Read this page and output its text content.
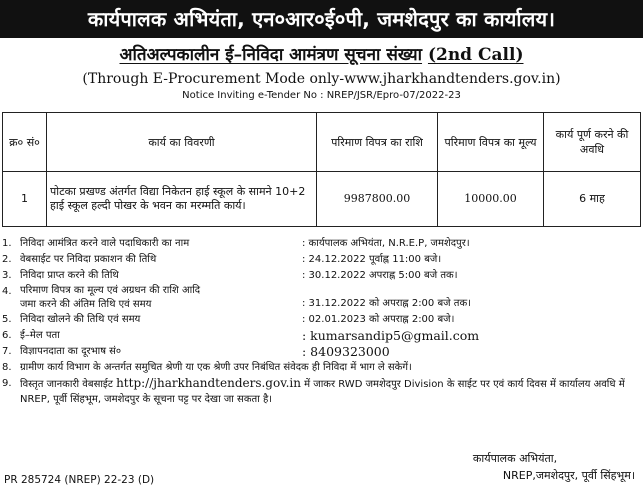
कार्यपालक अभियंता, एन०आर०ई०पी, जमशेदपुर का कार्यालय।
अतिअल्पकालीन ई–निविदा आमंत्रण सूचना संख्या (2nd Call)
(Through E-Procurement Mode only-www.jharkhandtenders.gov.in)
Notice Inviting e-Tender No : NREP/JSR/Epro-07/2022-23
क्र० सं०	कार्य का विवरणी	परिमाण विपत्र का राशि	परिमाण विपत्र का मूल्य	कार्य पूर्ण करने की अवधि
1	पोटका प्रखण्ड अंतर्गत विद्या निकेतन हाई स्कूल के सामने 10+2 हाई स्कूल हल्दी पोखर के भवन का मरम्मति कार्य।	9987800.00	10000.00	6 माह
1. निविदा आमंत्रित करने वाले पदाधिकारी का नाम	: कार्यपालक अभियंता, N.R.E.P, जमशेदपुर।
2. वेबसाईट पर निविदा प्रकाशन की तिथि	: 24.12.2022 पूर्वाह्न 11:00 बजे।
3. निविदा प्राप्त करने की तिथि	: 30.12.2022 अपराह्न 5:00 बजे तक।
4. परिमाण विपत्र का मूल्य एवं अग्रधन की राशि आदि
जमा करने की अंतिम तिथि एवं समय	: 31.12.2022 को अपराह्न 2:00 बजे तक।
5. निविदा खोलने की तिथि एवं समय	: 02.01.2023 को अपराह्न 2:00 बजे।
6. ई–मेल पता	: kumarsandip5@gmail.com
7. विज्ञापनदाता का दूरभाष सं०	: 8409323000
8. ग्रामीण कार्य विभाग के अन्तर्गत समुचित श्रेणी या एक श्रेणी उपर निबंधित संवेदक ही निविदा में भाग ले सकेगें।
9. विस्तृत जानकारी वेबसाईट http://jharkhandtenders.gov.in में जाकर RWD जमशेदपुर Division के साईट पर एवं कार्य दिवस में कार्यालय अवधि में NREP, पूर्वी सिंहभूम, जमशेदपुर के सूचना पट्ट पर देखा जा सकता है।
PR 285724 (NREP) 22-23 (D)
कार्यपालक अभियंता,
NREP,जमशेदपुर, पूर्वी सिंहभूम।
